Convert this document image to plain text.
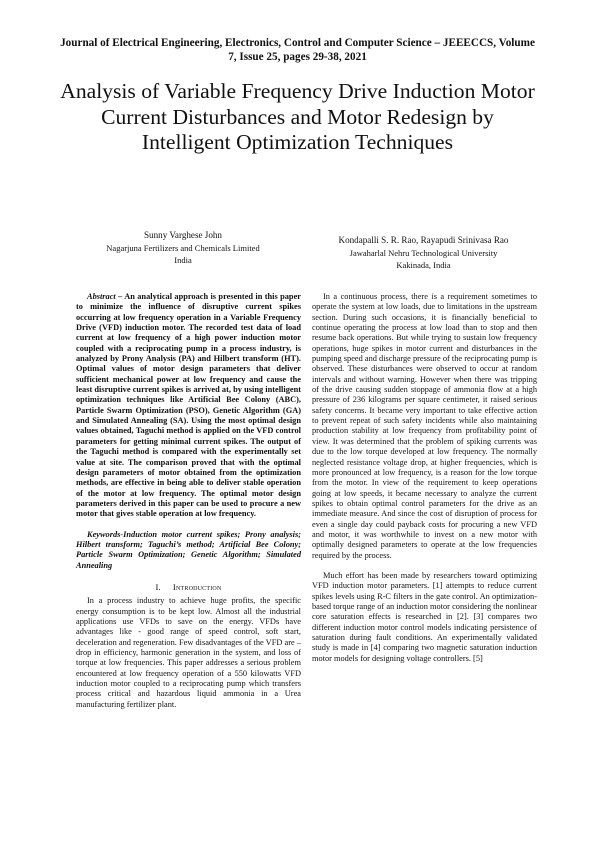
Journal of Electrical Engineering, Electronics, Control and Computer Science – JEEECCS, Volume 7, Issue 25, pages 29-38, 2021
Analysis of Variable Frequency Drive Induction Motor Current Disturbances and Motor Redesign by Intelligent Optimization Techniques
Sunny Varghese John
Nagarjuna Fertilizers and Chemicals Limited
India
Kondapalli S. R. Rao, Rayapudi Srinivasa Rao
Jawaharlal Nehru Technological University
Kakinada, India

Abstract – An analytical approach is presented in this paper to minimize the influence of disruptive current spikes occurring at low frequency operation in a Variable Frequency Drive (VFD) induction motor. The recorded test data of load current at low frequency of a high power induction motor coupled with a reciprocating pump in a process industry, is analyzed by Prony Analysis (PA) and Hilbert transform (HT). Optimal values of motor design parameters that deliver sufficient mechanical power at low frequency and cause the least disruptive current spikes is arrived at, by using intelligent optimization techniques like Artificial Bee Colony (ABC), Particle Swarm Optimization (PSO), Genetic Algorithm (GA) and Simulated Annealing (SA). Using the most optimal design values obtained, Taguchi method is applied on the VFD control parameters for getting minimal current spikes. The output of the Taguchi method is compared with the experimentally set value at site. The comparison proved that with the optimal design parameters of motor obtained from the optimization methods, are effective in being able to deliver stable operation of the motor at low frequency. The optimal motor design parameters derived in this paper can be used to procure a new motor that gives stable operation at low frequency.

Keywords-Induction motor current spikes; Prony analysis; Hilbert transform; Taguchi’s method; Artificial Bee Colony; Particle Swarm Optimization; Genetic Algorithm; Simulated Annealing

I. Introduction

In a process industry to achieve huge profits, the specific energy consumption is to be kept low. Almost all the industrial applications use VFDs to save on the energy. VFDs have advantages like - good range of speed control, soft start, deceleration and regeneration. Few disadvantages of the VFD are – drop in efficiency, harmonic generation in the system, and loss of torque at low frequencies. This paper addresses a serious problem encountered at low frequency operation of a 550 kilowatts VFD induction motor coupled to a reciprocating pump which transfers process critical and hazardous liquid ammonia in a Urea manufacturing fertilizer plant.

In a continuous process, there is a requirement sometimes to operate the system at low loads, due to limitations in the upstream section. During such occasions, it is financially beneficial to continue operating the process at low load than to stop and then resume back operations. But while trying to sustain low frequency operations, huge spikes in motor current and disturbances in the pumping speed and discharge pressure of the reciprocating pump is observed. These disturbances were observed to occur at random intervals and without warning. However when there was tripping of the drive causing sudden stoppage of ammonia flow at a high pressure of 236 kilograms per square centimeter, it raised serious safety concerns. It became very important to take effective action to prevent repeat of such safety incidents while also maintaining production stability at low frequency from profitability point of view. It was determined that the problem of spiking currents was due to the low torque developed at low frequency. The normally neglected resistance voltage drop, at higher frequencies, which is more pronounced at low frequency, is a reason for the low torque from the motor. In view of the requirement to keep operations going at low speeds, it became necessary to analyze the current spikes to obtain optimal control parameters for the drive as an immediate measure. And since the cost of disruption of process for even a single day could payback costs for procuring a new VFD and motor, it was worthwhile to invest on a new motor with optimally designed parameters to operate at the low frequencies required by the process.

Much effort has been made by researchers toward optimizing VFD induction motor parameters. [1] attempts to reduce current spikes levels using R-C filters in the gate control. An optimization-based torque range of an induction motor considering the nonlinear core saturation effects is researched in [2]. [3] compares two different induction motor control models indicating persistence of saturation during fault conditions. An experimentally validated study is made in [4] comparing two magnetic saturation induction motor models for designing voltage controllers. [5]
